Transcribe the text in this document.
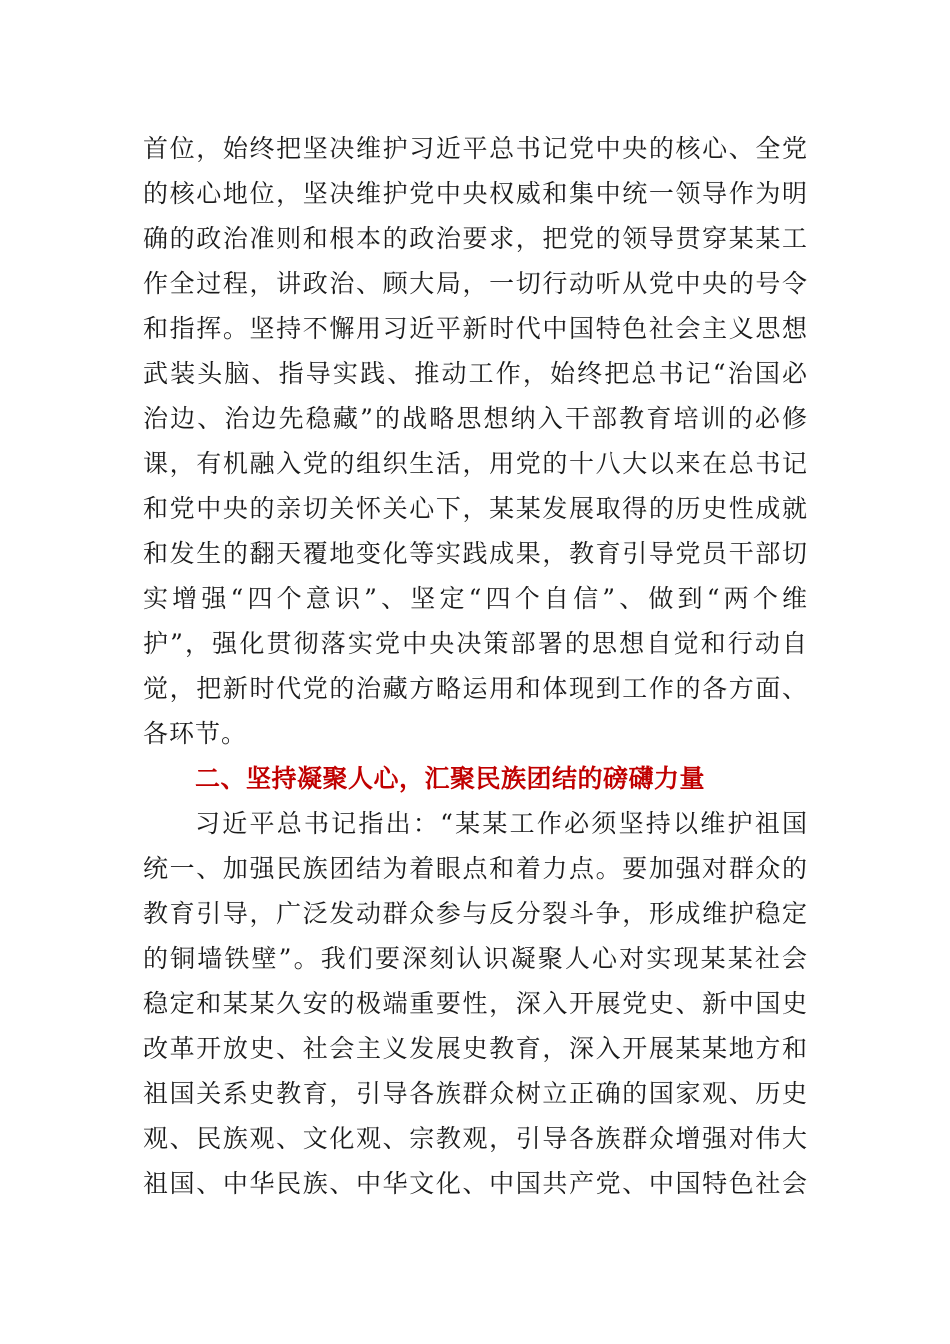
首位，始终把坚决维护习近平总书记党中央的核心、全党
的核心地位，坚决维护党中央权威和集中统一领导作为明
确的政治准则和根本的政治要求，把党的领导贯穿某某工
作全过程，讲政治、顾大局，一切行动听从党中央的号令
和指挥。坚持不懈用习近平新时代中国特色社会主义思想
武装头脑、指导实践、推动工作，始终把总书记“治国必
治边、治边先稳藏”的战略思想纳入干部教育培训的必修
课，有机融入党的组织生活，用党的十八大以来在总书记
和党中央的亲切关怀关心下，某某发展取得的历史性成就
和发生的翻天覆地变化等实践成果，教育引导党员干部切
实增强“四个意识”、坚定“四个自信”、做到“两个维
护”，强化贯彻落实党中央决策部署的思想自觉和行动自
觉，把新时代党的治藏方略运用和体现到工作的各方面、
各环节。
二、坚持凝聚人心，汇聚民族团结的磅礴力量
习近平总书记指出：“某某工作必须坚持以维护祖国
统一、加强民族团结为着眼点和着力点。要加强对群众的
教育引导，广泛发动群众参与反分裂斗争，形成维护稳定
的铜墙铁壁”。我们要深刻认识凝聚人心对实现某某社会
稳定和某某久安的极端重要性，深入开展党史、新中国史
改革开放史、社会主义发展史教育，深入开展某某地方和
祖国关系史教育，引导各族群众树立正确的国家观、历史
观、民族观、文化观、宗教观，引导各族群众增强对伟大
祖国、中华民族、中华文化、中国共产党、中国特色社会
